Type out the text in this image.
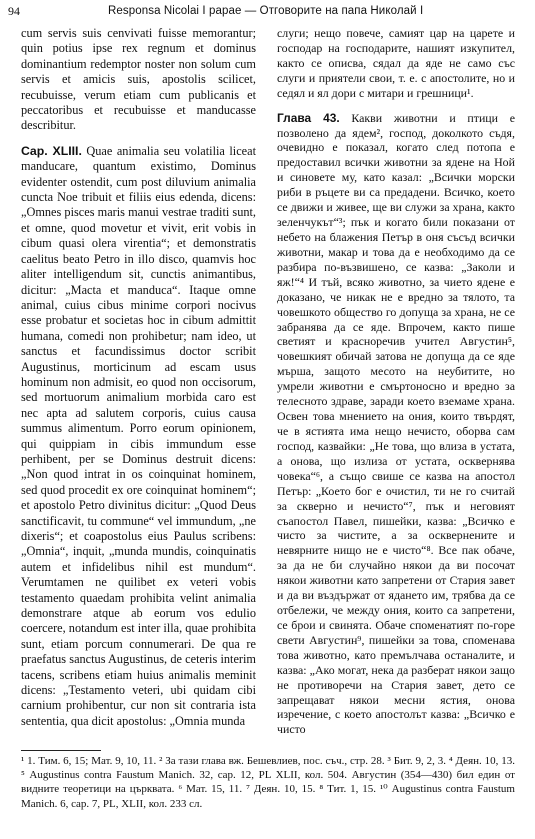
94	Responsa Nicolai I papae — Отговорите на папа Николай I

cum servis suis cenvivati fuisse memorantur; quin potius ipse rex regnum et dominus dominantium redemptor noster non solum cum servis et amicis suis, apostolis scilicet, recubuisse, verum etiam cum publicanis et peccatoribus et recubuisse et manducasse describitur.

Cap. XLIII. Quae animalia seu volatilia liceat manducare, quantum existimo, Dominus evidenter ostendit, cum post diluvium animalia cuncta Noe tribuit et filiis eius edenda, dicens: „Omnes pisces maris manui vestrae traditi sunt, et omne, quod movetur et vivit, erit vobis in cibum quasi olera virentia“; et demonstratis caelitus beato Petro in illo disco, quamvis hoc aliter intelligendum sit, cunctis animantibus, dicitur: „Macta et manduca“. Itaque omne animal, cuius cibus minime corpori nocivus esse probatur et societas hoc in cibum admittit humana, comedi non prohibetur; nam ideo, ut sanctus et facundissimus doctor scribit Augustinus, morticinum ad escam usus hominum non admisit, eo quod non occisorum, sed mortuorum animalium morbida caro est nec apta ad salutem corporis, cuius causa summus alimentum. Porro eorum opinionem, qui quippiam in cibis immundum esse perhibent, per se Dominus destruit dicens: „Non quod intrat in os coinquinat hominem, sed quod procedit ex ore coinquinat hominem“; et apostolo Petro divinitus dicitur: „Quod Deus sanctificavit, tu commune“ vel immundum, „ne dixeris“; et coapostolus eius Paulus scribens: „Omnia“, inquit, „munda mundis, coinquinatis autem et infidelibus nihil est mundum“. Verumtamen ne quilibet ex veteri vobis testamento quaedam prohibita velint animalia demonstrare atque ab eorum vos edulio coercere, notandum est inter illa, quae prohibita sunt, etiam porcum connumerari. De qua re praefatus sanctus Augustinus, de ceteris interim tacens, scribens etiam huius animalis meminit dicens: „Testamento veteri, ubi quidam cibi carnium prohibentur, cur non sit contraria ista sententia, qua dicit apostolus: „Omnia munda

слуги; нещо повече, самият цар на царете и господар на господарите, нашият изкупител, както се описва, сядал да яде не само със слуги и приятели свои, т. е. с апостолите, но и седял и ял дори с митари и грешници¹.

Глава 43. Какви животни и птици е позволено да ядем², господ, доколкото съдя, очевидно е показал, когато след потопа е предоставил всички животни за ядене на Ной и синовете му, като казал: „Всички морски риби в ръцете ви са предадени. Всичко, което се движи и живее, ще ви служи за храна, както зеленчукът“³; пък и когато били показани от небето на блажения Петър в оня съсъд всички животни, макар и това да е необходимо да се разбира по-възвишено, се казва: „Заколи и яж!“⁴ И тъй, всяко животно, за чието ядене е доказано, че никак не е вредно за тялото, та човешкото общество го допуща за храна, не се забранява да се яде. Впрочем, както пише светият и красноречив учител Августин⁵, човешкият обичай затова не допуща да се яде мърша, защото месото на неубитите, но умрели животни е смъртоносно и вредно за телесното здраве, заради което вземаме храна. Освен това мнението на ония, които твърдят, че в ястията има нещо нечисто, оборва сам господ, казвайки: „Не това, що влиза в устата, а онова, що излиза от устата, осквернява човека“⁶, а също свише се казва на апостол Петър: „Което бог е очистил, ти не го считай за скверно и нечисто“⁷, пък и неговият съапостол Павел, пишейки, казва: „Всичко е чисто за чистите, а за осквернените и невярните нищо не е чисто“⁸. Все пак обаче, за да не би случайно някои да ви посочат някои животни като запретени от Стария завет и да ви въздържат от ядането им, трябва да се отбележи, че между ония, които са запретени, се брои и свинята. Обаче споменатият по-горе свети Августин⁹, пишейки за това, споменава това животно, като премълчава останалите, и казва: „Ако могат, нека да разберат някои защо не противоречи на Стария завет, дето се запрещават някои месни ястия, онова изречение, с което апостолът казва: „Всичко е чисто

¹ 1. Тим. 6, 15; Мат. 9, 10, 11. ² За тази глава вж. Бешевлиев, пос. съч., стр. 28. ³ Бит. 9, 2, 3. ⁴ Деян. 10, 13. ⁵ Augustinus contra Faustum Manich. 32, cap. 12, PL XLII, кол. 504. Августин (354—430) бил един от видните теоретици на църквата. ⁶ Мат. 15, 11. ⁷ Деян. 10, 15. ⁸ Тит. 1, 15. ¹⁰ Augustinus contra Faustum Manich. 6, cap. 7, PL, XLII, кол. 233 сл.
